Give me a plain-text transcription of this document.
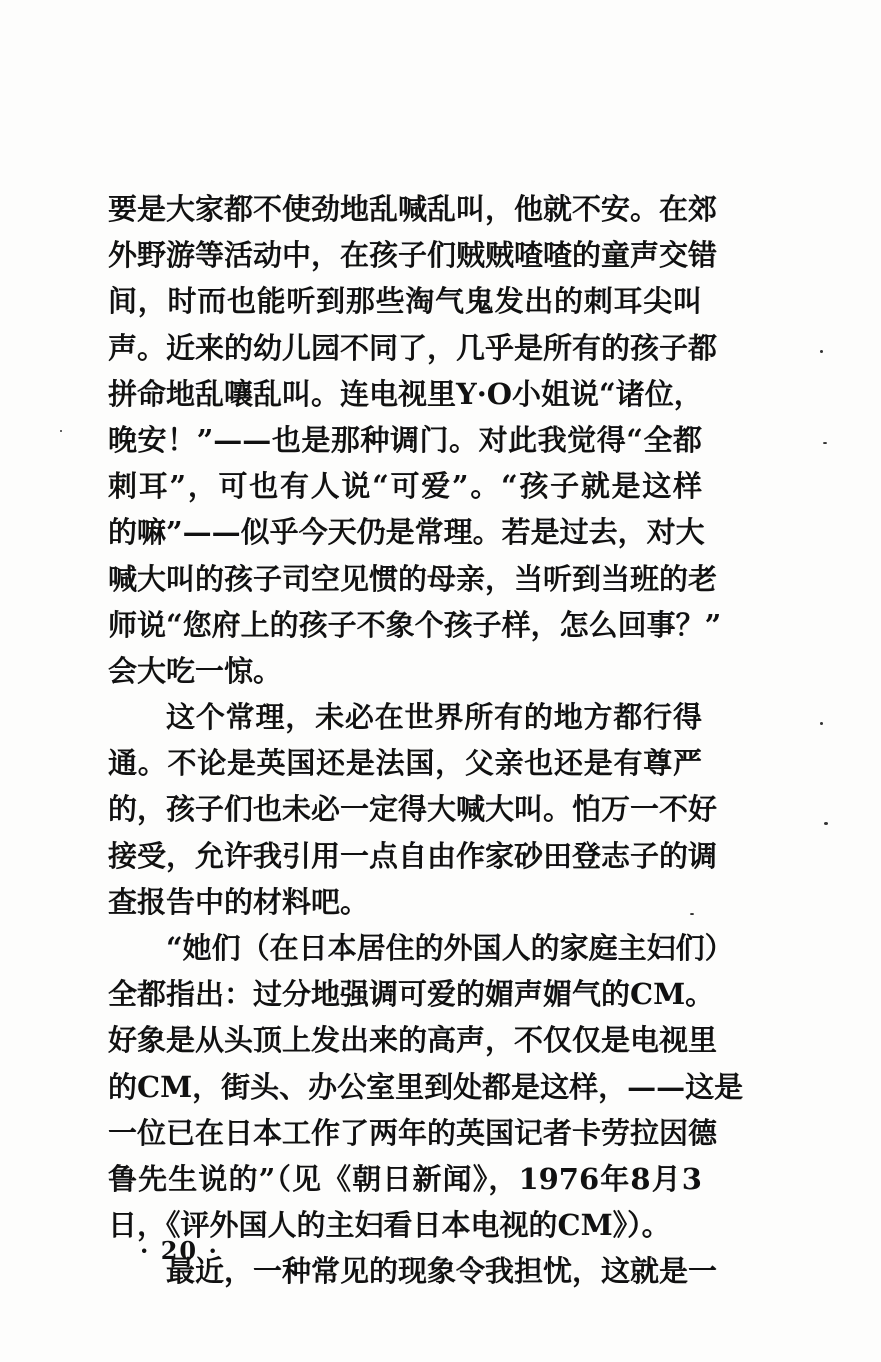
要是大家都不使劲地乱喊乱叫，他就不安。在郊
外野游等活动中，在孩子们贼贼喳喳的童声交错
间，时而也能听到那些淘气鬼发出的刺耳尖叫
声。近来的幼儿园不同了，几乎是所有的孩子都
拼命地乱嚷乱叫。连电视里Y·O小姐说“诸位，
晚安！”——也是那种调门。对此我觉得“全都
刺耳”，可也有人说“可爱”。“孩子就是这样
的嘛”——似乎今天仍是常理。若是过去，对大
喊大叫的孩子司空见惯的母亲，当听到当班的老
师说“您府上的孩子不象个孩子样，怎么回事？”
会大吃一惊。
这个常理，未必在世界所有的地方都行得
通。不论是英国还是法国，父亲也还是有尊严
的，孩子们也未必一定得大喊大叫。怕万一不好
接受，允许我引用一点自由作家砂田登志子的调
查报告中的材料吧。
“她们（在日本居住的外国人的家庭主妇们）
全都指出：过分地强调可爱的媚声媚气的CM。
好象是从头顶上发出来的高声，不仅仅是电视里
的CM，街头、办公室里到处都是这样，——这是
一位已在日本工作了两年的英国记者卡劳拉因德
鲁先生说的”（见《朝日新闻》，1976年8月3
日，《评外国人的主妇看日本电视的CM》）。
最近，一种常见的现象令我担忧，这就是一
· 20 ·
